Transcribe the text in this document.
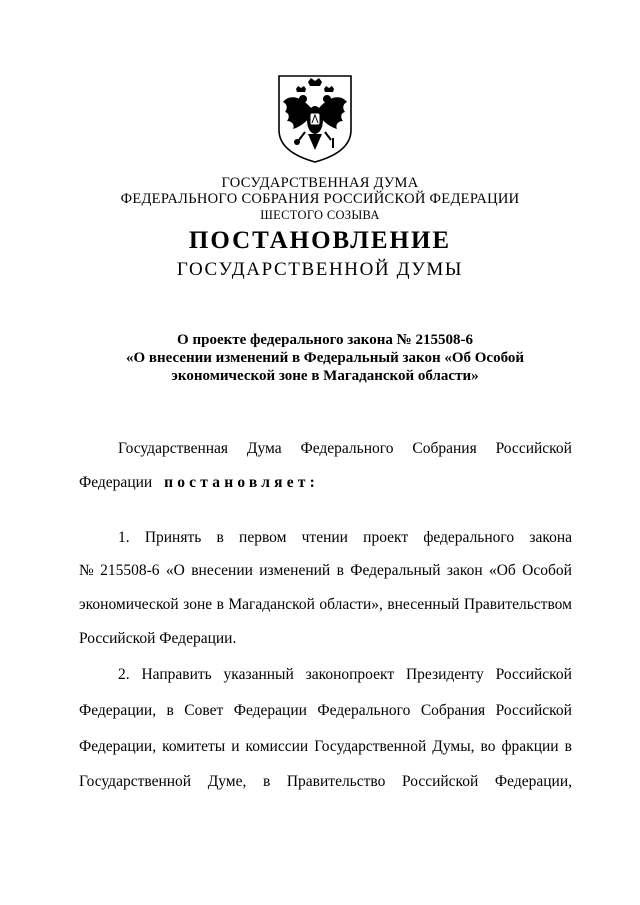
ГОСУДАРСТВЕННАЯ ДУМА
ФЕДЕРАЛЬНОГО СОБРАНИЯ РОССИЙСКОЙ ФЕДЕРАЦИИ
ШЕСТОГО СОЗЫВА
ПОСТАНОВЛЕНИЕ
ГОСУДАРСТВЕННОЙ ДУМЫ
О проекте федерального закона № 215508-6
«О внесении изменений в Федеральный закон «Об Особой
экономической зоне в Магаданской области»
Государственная Дума Федерального Собрания Российской
Федерации постановляет:
1. Принять в первом чтении проект федерального закона
№ 215508-6 «О внесении изменений в Федеральный закон «Об Особой
экономической зоне в Магаданской области», внесенный Правительством
Российской Федерации.
2. Направить указанный законопроект Президенту Российской
Федерации, в Совет Федерации Федерального Собрания Российской
Федерации, комитеты и комиссии Государственной Думы, во фракции в
Государственной Думе, в Правительство Российской Федерации,
